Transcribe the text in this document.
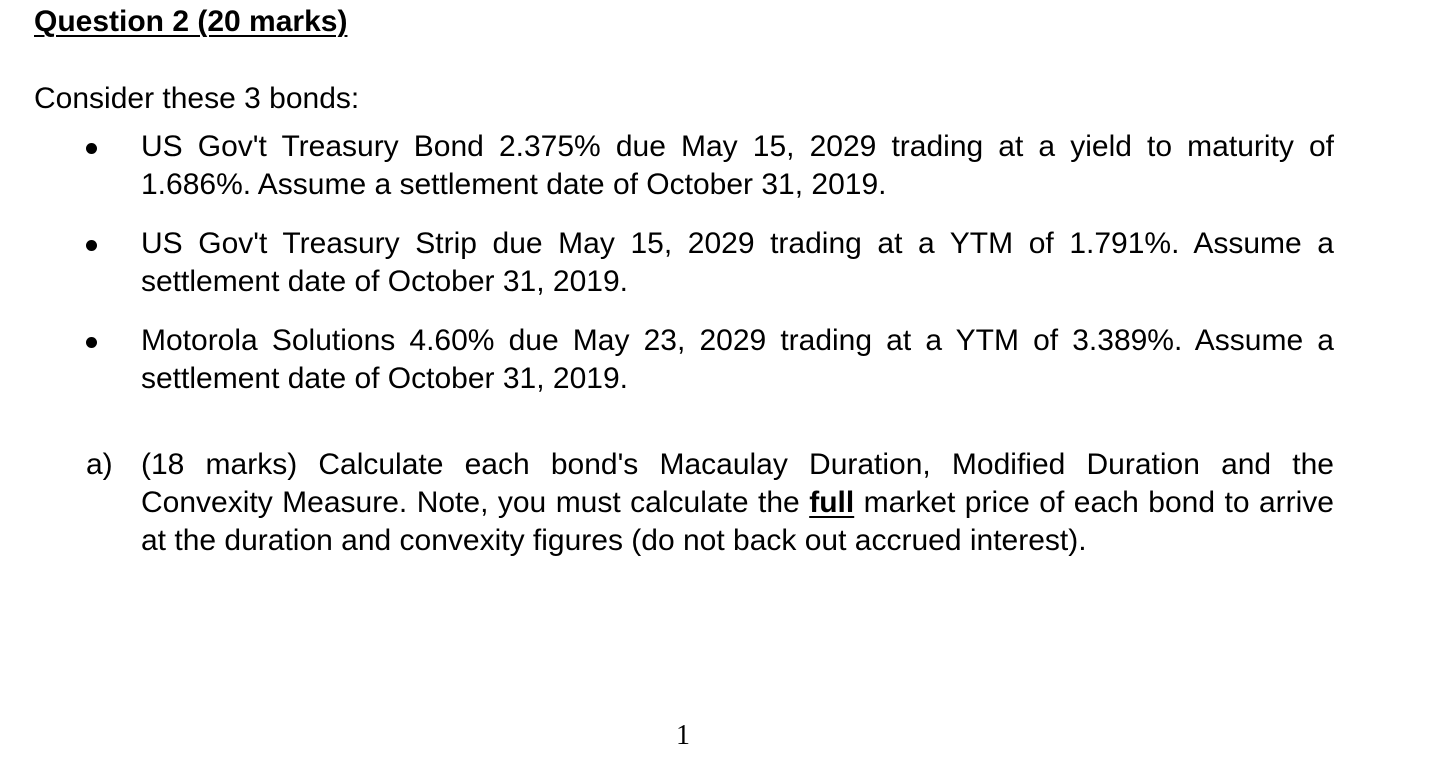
Question 2 (20 marks)

Consider these 3 bonds:

US Gov't Treasury Bond 2.375% due May 15, 2029 trading at a yield to maturity of 1.686%. Assume a settlement date of October 31, 2019.
US Gov't Treasury Strip due May 15, 2029 trading at a YTM of 1.791%. Assume a settlement date of October 31, 2019.
Motorola Solutions 4.60% due May 23, 2029 trading at a YTM of 3.389%. Assume a settlement date of October 31, 2019.
a) (18 marks) Calculate each bond's Macaulay Duration, Modified Duration and the Convexity Measure. Note, you must calculate the full market price of each bond to arrive at the duration and convexity figures (do not back out accrued interest).

1
